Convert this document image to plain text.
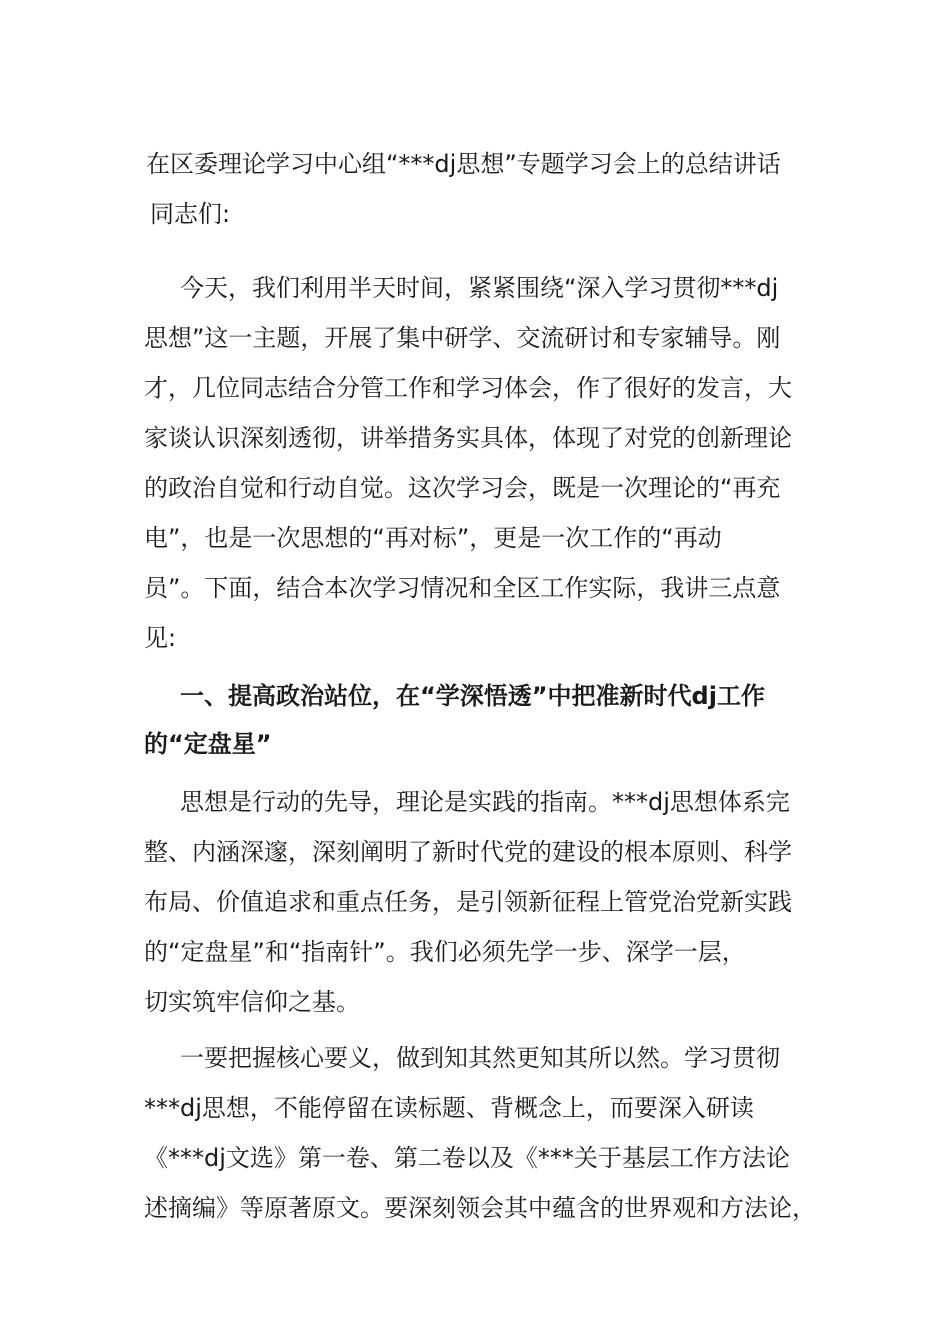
在区委理论学习中心组“***dj思想”专题学习会上的总结讲话
同志们:
今天，我们利用半天时间，紧紧围绕“深入学习贯彻***dj
思想”这一主题，开展了集中研学、交流研讨和专家辅导。刚
才，几位同志结合分管工作和学习体会，作了很好的发言，大
家谈认识深刻透彻，讲举措务实具体，体现了对党的创新理论
的政治自觉和行动自觉。这次学习会，既是一次理论的“再充
电”，也是一次思想的“再对标”，更是一次工作的“再动
员”。下面，结合本次学习情况和全区工作实际，我讲三点意
见:
一、提高政治站位，在“学深悟透”中把准新时代dj工作
的“定盘星”
思想是行动的先导，理论是实践的指南。***dj思想体系完
整、内涵深邃，深刻阐明了新时代党的建设的根本原则、科学
布局、价值追求和重点任务，是引领新征程上管党治党新实践
的“定盘星”和“指南针”。我们必须先学一步、深学一层，
切实筑牢信仰之基。
一要把握核心要义，做到知其然更知其所以然。学习贯彻
***dj思想，不能停留在读标题、背概念上，而要深入研读
《***dj文选》第一卷、第二卷以及《***关于基层工作方法论
述摘编》等原著原文。要深刻领会其中蕴含的世界观和方法论，
